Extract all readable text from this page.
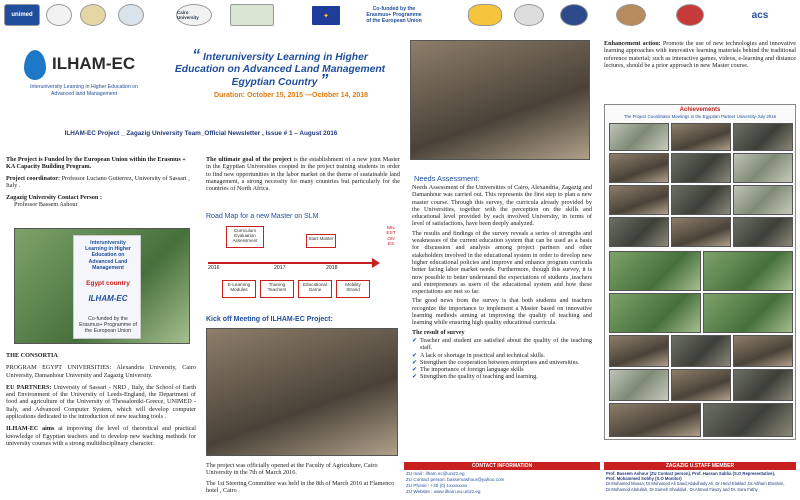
unimed	Cairo University	✦
Co-funded by the
Erasmus+ Programme
of the European Union
acs
ILHAM-EC
Interuniversity Learning in Higher Education on
Advanced land Management
“ Interuniversity Learning in Higher
Education on Advanced Land Management
Egyptian Country ”
Duration: October 15, 2015 —October 14, 2018
ILHAM-EC Project _ Zagazig University Team_Official Newsletter , Issue # 1 – August 2016
The Project is Funded by the European Union within the Erasmus + KA Capacity Building Program.
Project coordinator: Professor Luciano Gutierrez, University of Sassari , Italy .
Zagazig University Contact Person :
Professor Bassem Ashour
Interuniversity
Learning in Higher
Education on
Advanced Land
Management
Egypt country
ILHAM-EC
Co-funded by the Erasmus+ Programme of the European Union
THE CONSORTIA
PROGRAM EGYPT UNIVERSITIES: Alexandria University, Cairo University, Damanhour University and Zagazig University.
EU PARTNERS: University of Sassari - NRD , Italy, the School of Earth and Environment of the University of Leeds-England, the Department of food and agriculture of the University of Thessaloniki-Greece, UNIMED -Italy, and Advanced Computer System, which will develop computer applications dedicated to the introduction of new teaching tools .
ILHAM-EC aims at improving the level of theoretical and practical knowledge of Egyptian teachers and to develop new teaching methods for university courses with a strong multidisciplinary character.
The ultimate goal of the project is the establishment of a new joint Master in the Egyptian Universities coopted in the project training students in order to find new opportunities in the labor market on the theme of sustainable land management, a strong necessity for many countries but particularly for the countries of North Africa.
Road Map for a new Master on SLM
Curriculum Evaluation Assessment	Start Master
2016	2017	2018
MILESTONES
E-Learning Modules
Training Teachers
Educational Game
Mobility Strand
Kick off Meeting of ILHAM-EC Project:
The project was officially opened at the Faculty of Agriculture, Cairo University in the 7th of March 2016.
The 1st Steering Committee was held in the 8th of March 2016 at Flamenco hotel , Cairo .
Needs Assessment:
Needs Assessment of the Universities of Cairo, Alexandria, Zagazig and Damanhour was carried out. This represents the first step to plan a new master course. Through this survey, the curricula already provided by the Universities, together with the perception on the skills and educational level provided by each involved University, in terms of level of satisfactions, have been deeply analyzed.
The results and findings of the survey reveals a series of strengths and weaknesses of the current education system that can be used as a basis for discussion and analysis among project partners and other stakeholders involved in the educational system in order to develop new higher educational policies and improve and enhance program curricula better facing labor market needs. Furthermore, though this survey, it is now possible to better understand the expectations of students ,teachers and entrepreneurs as users of the educational system and how these expectations are met so far.
The good news from the survey is that both students and teachers recognize the importance to implement a Master based on innovative learning methods aiming at improving the quality of teaching and learning while ensuring high quality educational curricula.
The result of survey
✔ Teacher and student are satisfied about the quality of the teaching staff.
✔ A lack or shortage in practical and technical skills.
✔ Strengthen the cooperation between enterprises and universities.
✔ The importance of foreign language skills
✔ Strengthen the quality of teaching and learning.
Enhancement action: Promote the use of new technologies and innovative learning approaches with innovative learning materials behind the traditional reference material; such as interactive games, videos, e-learning and distance lectures, should be a prior approach in new Master course.
Achievements
The Project Coordinator Meetings in the Egyptian Partner University-July 2016
CONTACT INFORMATION	ZAGAZIG U.STAFF MEMBER
ZU mail : ilham.ec@unizz.eg
ZU Contact person: bassemashour@yahoo.com
ZU Phone : +20 (0) 1xxxxxxxx
ZU Website : www.ilham.eu.unizz.eg
Prof. Bassem Ashour (ZU Contact person), Prof. Hassan Sabha (S.O Representative),
Prof. Mohammed Sobhy (S.O Monitor)
Dr.Mohamed Mousa; Dr.Mohamed Ali Saad,Abdulhady Ali, Dr.Hend Elaklad ,Dr.Adham Ebrahim, Dr.Mohamed Abdullah, Dr.Sameh Shaddad , Dr.Ahmed Fawzy and Dr. Sara Fathy
